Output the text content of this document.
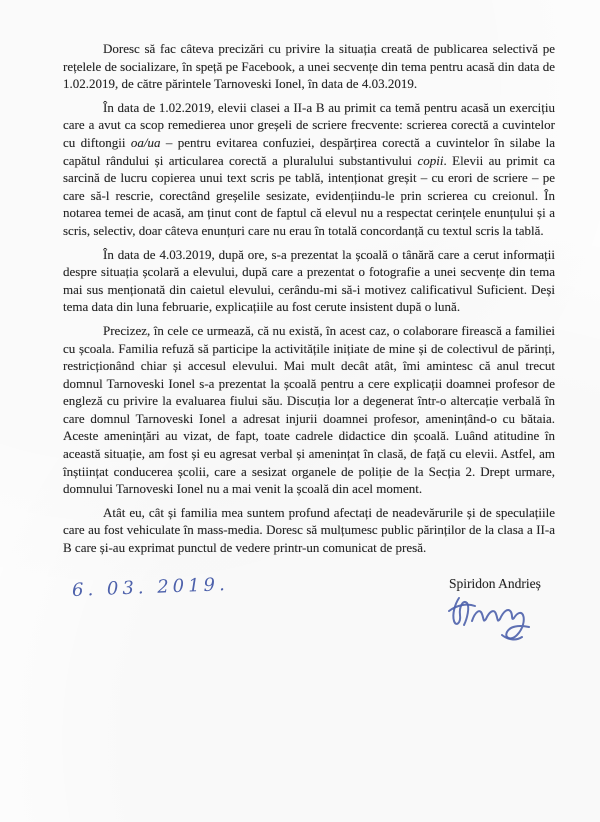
Doresc să fac câteva precizări cu privire la situația creată de publicarea selectivă pe rețelele de socializare, în speță pe Facebook, a unei secvențe din tema pentru acasă din data de 1.02.2019, de către părintele Tarnoveski Ionel, în data de 4.03.2019.

În data de 1.02.2019, elevii clasei a II-a B au primit ca temă pentru acasă un exercițiu care a avut ca scop remedierea unor greșeli de scriere frecvente: scrierea corectă a cuvintelor cu diftongii oa/ua – pentru evitarea confuziei, despărțirea corectă a cuvintelor în silabe la capătul rândului și articularea corectă a pluralului substantivului copii. Elevii au primit ca sarcină de lucru copierea unui text scris pe tablă, intenționat greșit – cu erori de scriere – pe care să-l rescrie, corectând greșelile sesizate, evidențiindu-le prin scrierea cu creionul. În notarea temei de acasă, am ținut cont de faptul că elevul nu a respectat cerințele enunțului și a scris, selectiv, doar câteva enunțuri care nu erau în totală concordanță cu textul scris la tablă.

În data de 4.03.2019, după ore, s-a prezentat la școală o tânără care a cerut informații despre situația școlară a elevului, după care a prezentat o fotografie a unei secvențe din tema mai sus menționată din caietul elevului, cerându-mi să-i motivez calificativul Suficient. Deși tema data din luna februarie, explicațiile au fost cerute insistent după o lună.

Precizez, în cele ce urmează, că nu există, în acest caz, o colaborare firească a familiei cu școala. Familia refuză să participe la activitățile inițiate de mine și de colectivul de părinți, restricționând chiar și accesul elevului. Mai mult decât atât, îmi amintesc că anul trecut domnul Tarnoveski Ionel s-a prezentat la școală pentru a cere explicații doamnei profesor de engleză cu privire la evaluarea fiului său. Discuția lor a degenerat într-o altercație verbală în care domnul Tarnoveski Ionel a adresat injurii doamnei profesor, amenințând-o cu bătaia. Aceste amenințări au vizat, de fapt, toate cadrele didactice din școală. Luând atitudine în această situație, am fost și eu agresat verbal și amenințat în clasă, de față cu elevii. Astfel, am înștiințat conducerea școlii, care a sesizat organele de poliție de la Secția 2. Drept urmare, domnului Tarnoveski Ionel nu a mai venit la școală din acel moment.

Atât eu, cât și familia mea suntem profund afectați de neadevărurile și de speculațiile care au fost vehiculate în mass-media. Doresc să mulțumesc public părinților de la clasa a II-a B care și-au exprimat punctul de vedere printr-un comunicat de presă.

6. 03. 2019.	Spiridon Andrieș
